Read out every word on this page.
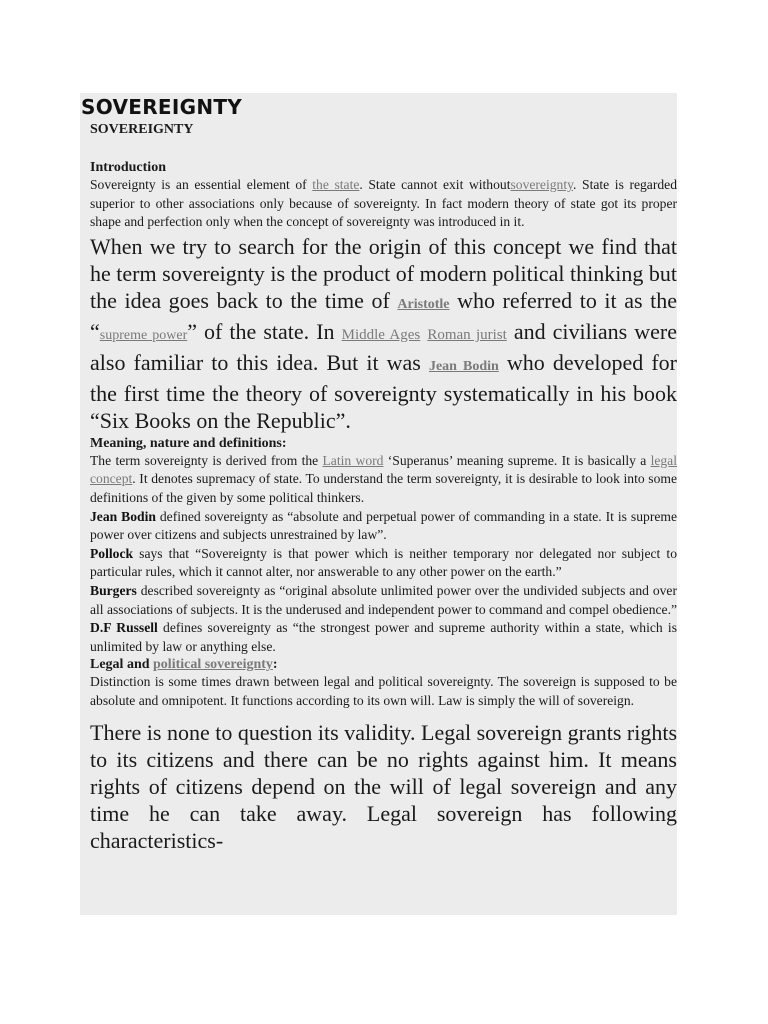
SOVEREIGNTY

SOVEREIGNTY

Introduction

Sovereignty is an essential element of the state. State cannot exit withoutsovereignty. State is regarded superior to other associations only because of sovereignty. In fact modern theory of state got its proper shape and perfection only when the concept of sovereignty was introduced in it.

When we try to search for the origin of this concept we find that he term sovereignty is the product of modern political thinking but the idea goes back to the time of Aristotle who referred to it as the “supreme power” of the state. In Middle Ages Roman jurist and civilians were also familiar to this idea. But it was Jean Bodin who developed for the first time the theory of sovereignty systematically in his book “Six Books on the Republic”.

Meaning, nature and definitions:

The term sovereignty is derived from the Latin word ‘Superanus’ meaning supreme. It is basically a legal concept. It denotes supremacy of state. To understand the term sovereignty, it is desirable to look into some definitions of the given by some political thinkers.

Jean Bodin defined sovereignty as “absolute and perpetual power of commanding in a state. It is supreme power over citizens and subjects unrestrained by law”.

Pollock says that “Sovereignty is that power which is neither temporary nor delegated nor subject to particular rules, which it cannot alter, nor answerable to any other power on the earth.”

Burgers described sovereignty as “original absolute unlimited power over the undivided subjects and over all associations of subjects. It is the underused and independent power to command and compel obedience.”

D.F Russell defines sovereignty as “the strongest power and supreme authority within a state, which is unlimited by law or anything else.

Legal and political sovereignty:

Distinction is some times drawn between legal and political sovereignty. The sovereign is supposed to be absolute and omnipotent. It functions according to its own will. Law is simply the will of sovereign.

There is none to question its validity. Legal sovereign grants rights to its citizens and there can be no rights against him. It means rights of citizens depend on the will of legal sovereign and any time he can take away. Legal sovereign has following characteristics-
